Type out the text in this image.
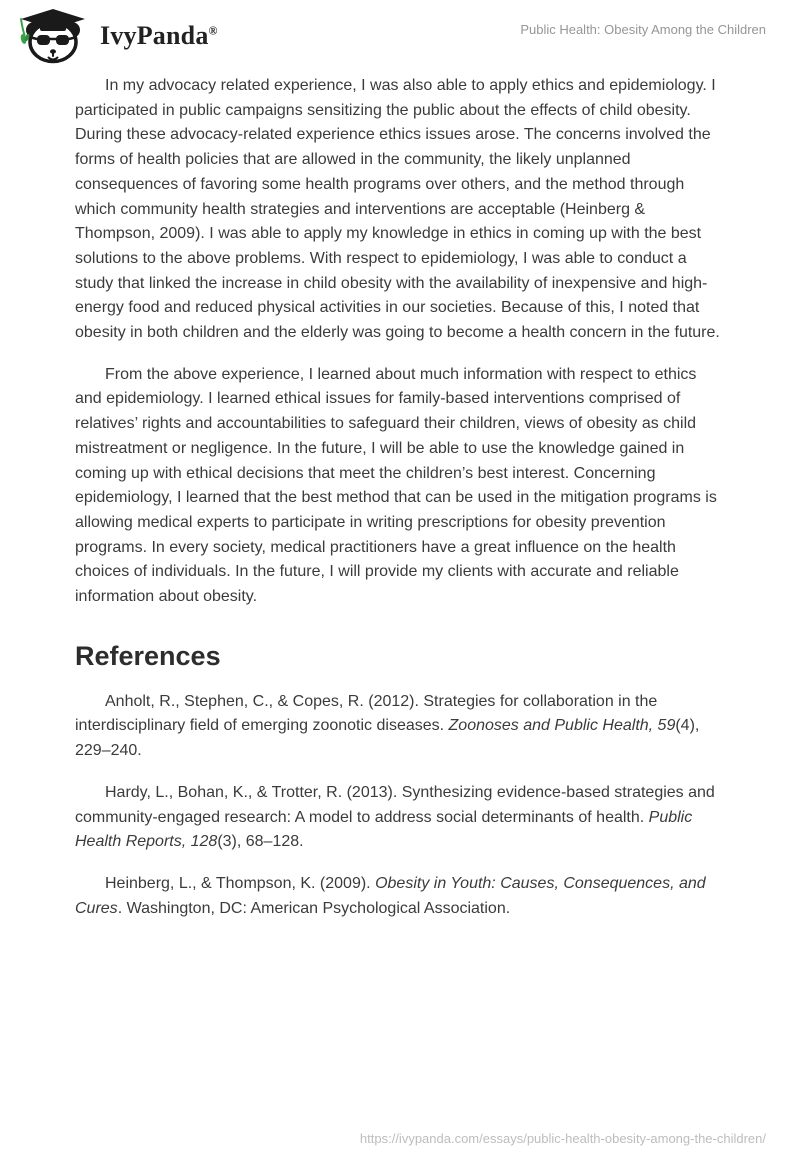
IvyPanda®	Public Health: Obesity Among the Children

In my advocacy related experience, I was also able to apply ethics and epidemiology. I participated in public campaigns sensitizing the public about the effects of child obesity. During these advocacy-related experience ethics issues arose. The concerns involved the forms of health policies that are allowed in the community, the likely unplanned consequences of favoring some health programs over others, and the method through which community health strategies and interventions are acceptable (Heinberg & Thompson, 2009). I was able to apply my knowledge in ethics in coming up with the best solutions to the above problems. With respect to epidemiology, I was able to conduct a study that linked the increase in child obesity with the availability of inexpensive and high-energy food and reduced physical activities in our societies. Because of this, I noted that obesity in both children and the elderly was going to become a health concern in the future.

From the above experience, I learned about much information with respect to ethics and epidemiology. I learned ethical issues for family-based interventions comprised of relatives’ rights and accountabilities to safeguard their children, views of obesity as child mistreatment or negligence. In the future, I will be able to use the knowledge gained in coming up with ethical decisions that meet the children’s best interest. Concerning epidemiology, I learned that the best method that can be used in the mitigation programs is allowing medical experts to participate in writing prescriptions for obesity prevention programs. In every society, medical practitioners have a great influence on the health choices of individuals. In the future, I will provide my clients with accurate and reliable information about obesity.

References

Anholt, R., Stephen, C., & Copes, R. (2012). Strategies for collaboration in the interdisciplinary field of emerging zoonotic diseases. Zoonoses and Public Health, 59(4), 229–240.

Hardy, L., Bohan, K., & Trotter, R. (2013). Synthesizing evidence-based strategies and community-engaged research: A model to address social determinants of health. Public Health Reports, 128(3), 68–128.

Heinberg, L., & Thompson, K. (2009). Obesity in Youth: Causes, Consequences, and Cures. Washington, DC: American Psychological Association.

https://ivypanda.com/essays/public-health-obesity-among-the-children/
